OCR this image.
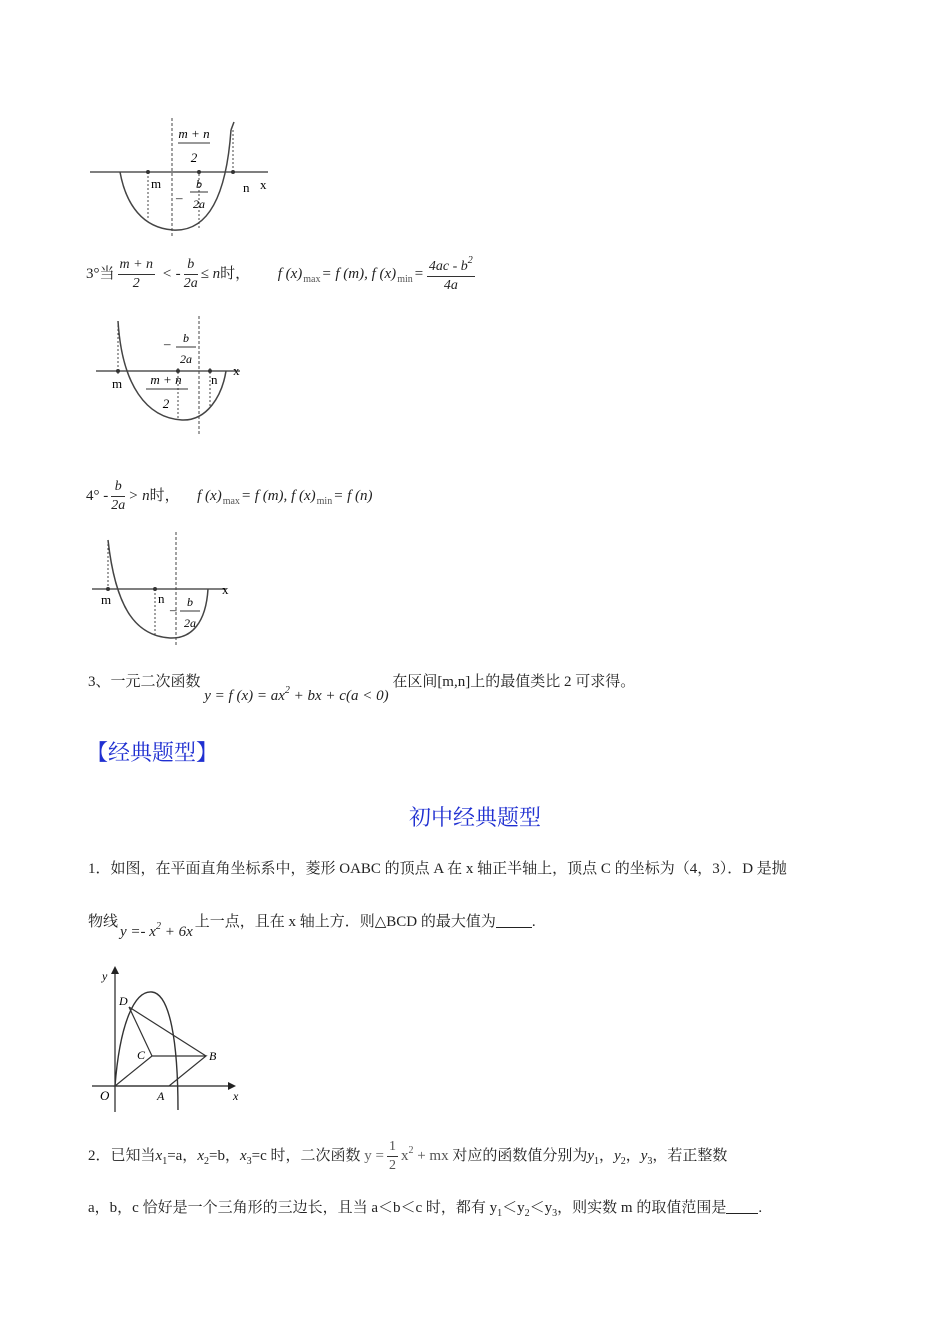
m	n x
m + n
2
–
b
2a
3°当 $\frac{m + n}{2}$ < - $\frac{b}{2a} \le n$时， f $(x)_{max}= f$ (m), f $(x)_{min}= \frac{4ac - b^2}{4a}$
– b
2a
m m + n
2
n
x
$4^\circ - \frac{b}{2a} > n$时， f $(x)_{max}= f$ (m), f $(x)_{min}= f$ (n)
m	n
x
– b
2a
3、一元二次函数 y = f $(x) = ax^2$ + bx + c(a < 0) 在区间[m,n]上的最值类比 2 可求得。
【经典题型】
初中经典题型
1．如图，在平面直角坐标系中，菱形 OABC 的顶点 A 在 x 轴正半轴上，顶点 C 的坐标为（4，3）．D 是抛
物线$y =- x^2 + 6x$上一点，且在 x 轴上方．则△BCD 的最大值为 .
y
x
O	A
D
C	B
2．已知当$x_1=a$，$x_2=b$，$x_3=c$ 时，二次函数 $y = \frac{1}{2} x^2$ + mx 对应的函数值分别为$y_1$，$y_2$，$y_3$，若正整数
a，b，c 恰好是一个三角形的三边长，且当 a＜b＜c 时，都有 $y_1<y_2<y_3$，则实数 m 的取值范围是 .
